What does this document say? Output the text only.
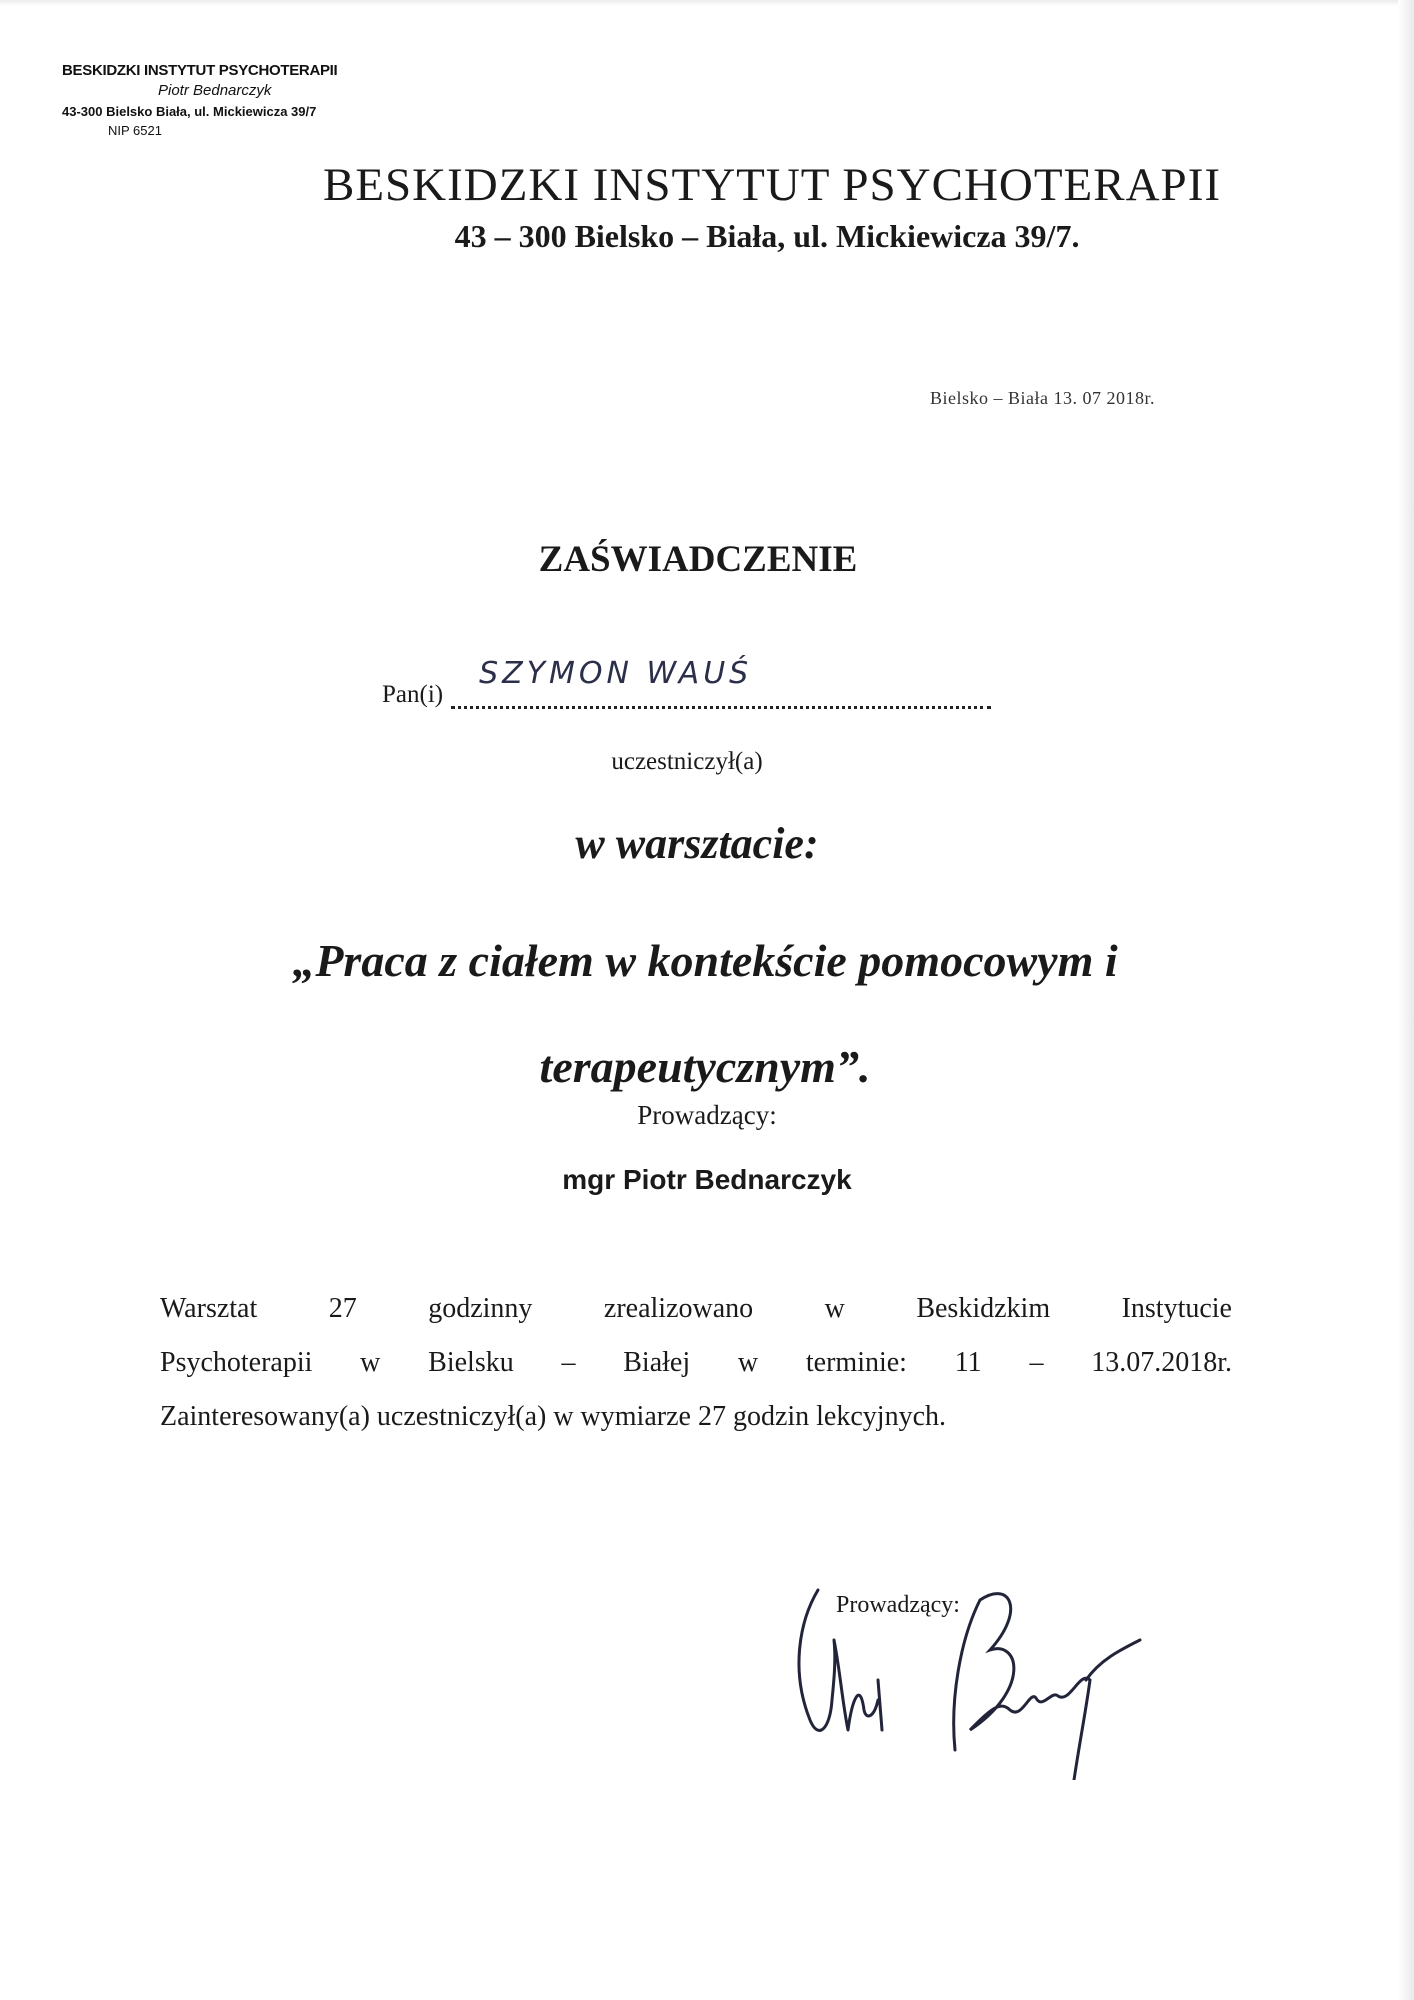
BESKIDZKI INSTYTUT PSYCHOTERAPII
Piotr Bednarczyk
43-300 Bielsko Biała, ul. Mickiewicza 39/7
NIP 6521
BESKIDZKI INSTYTUT PSYCHOTERAPII
43 – 300 Bielsko – Biała, ul. Mickiewicza 39/7.
Bielsko – Biała 13. 07 2018r.
ZAŚWIADCZENIE
Pan(i)
SZYMON WAUŚ
uczestniczył(a)
w warsztacie:
„Praca z ciałem w kontekście pomocowym i
terapeutycznym”.
Prowadzący:
mgr Piotr Bednarczyk
Warsztat 27 godzinny zrealizowano w Beskidzkim Instytucie
Psychoterapii w Bielsku – Białej w terminie: 11 – 13.07.2018r.
Zainteresowany(a) uczestniczył(a) w wymiarze 27 godzin lekcyjnych.
Prowadzący:
